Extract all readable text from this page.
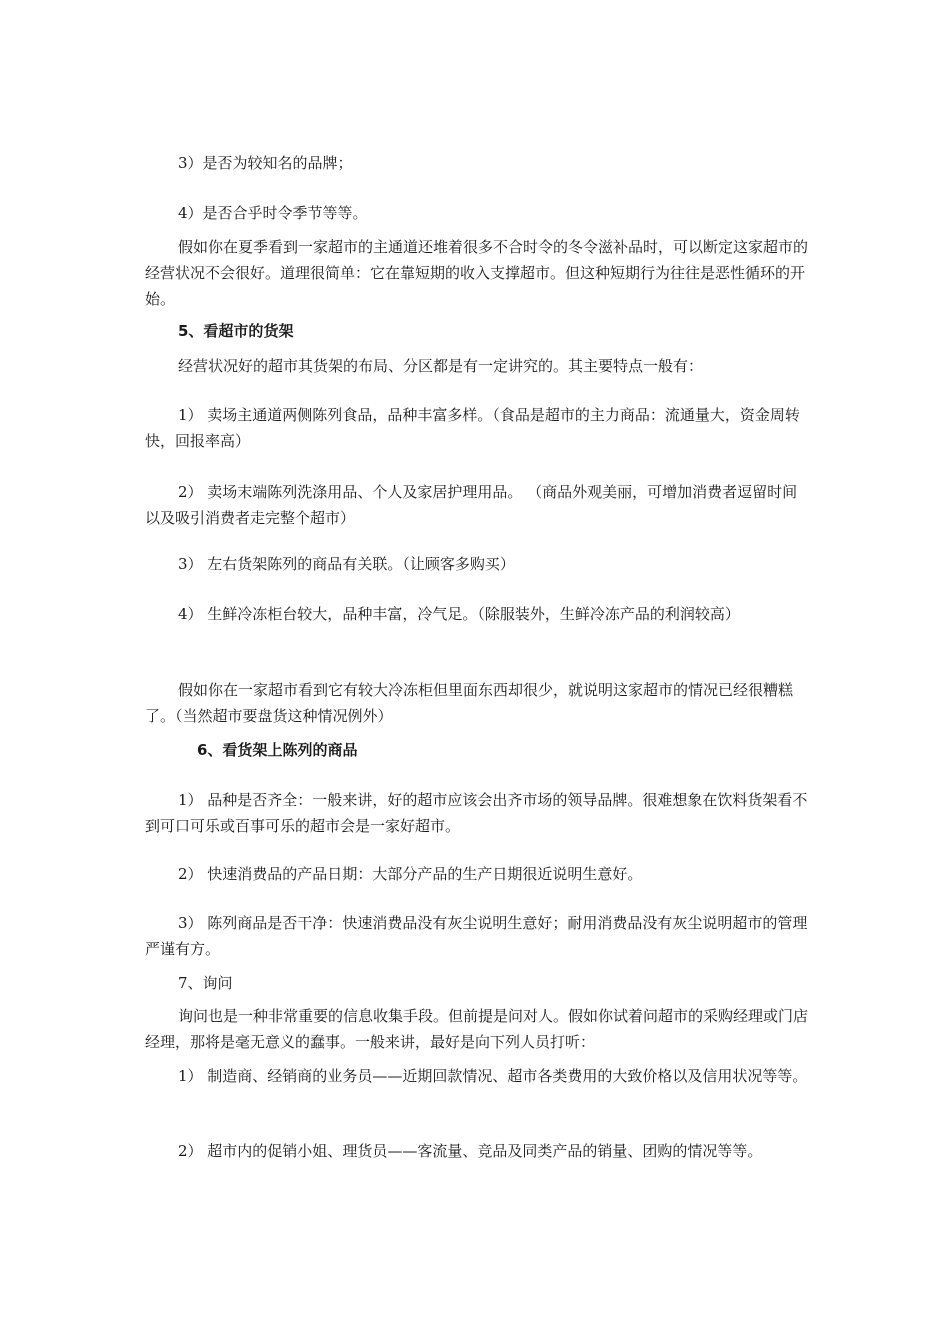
3）是否为较知名的品牌；

4）是否合乎时令季节等等。

假如你在夏季看到一家超市的主通道还堆着很多不合时令的冬令滋补品时，可以断定这家超市的经营状况不会很好。道理很简单：它在靠短期的收入支撑超市。但这种短期行为往往是恶性循环的开始。

5、看超市的货架

经营状况好的超市其货架的布局、分区都是有一定讲究的。其主要特点一般有：

1） 卖场主通道两侧陈列食品，品种丰富多样。（食品是超市的主力商品：流通量大，资金周转快，回报率高）

2） 卖场末端陈列洗涤用品、个人及家居护理用品。 （商品外观美丽，可增加消费者逗留时间以及吸引消费者走完整个超市）

3） 左右货架陈列的商品有关联。（让顾客多购买）

4） 生鲜冷冻柜台较大，品种丰富，冷气足。（除服装外，生鲜冷冻产品的利润较高）

假如你在一家超市看到它有较大冷冻柜但里面东西却很少，就说明这家超市的情况已经很糟糕了。（当然超市要盘货这种情况例外）

6、看货架上陈列的商品

1） 品种是否齐全：一般来讲，好的超市应该会出齐市场的领导品牌。很难想象在饮料货架看不到可口可乐或百事可乐的超市会是一家好超市。

2） 快速消费品的产品日期：大部分产品的生产日期很近说明生意好。

3） 陈列商品是否干净：快速消费品没有灰尘说明生意好；耐用消费品没有灰尘说明超市的管理严谨有方。

7、询问

询问也是一种非常重要的信息收集手段。但前提是问对人。假如你试着问超市的采购经理或门店经理，那将是毫无意义的蠢事。一般来讲，最好是向下列人员打听：

1） 制造商、经销商的业务员——近期回款情况、超市各类费用的大致价格以及信用状况等等。

2） 超市内的促销小姐、理货员——客流量、竞品及同类产品的销量、团购的情况等等。
